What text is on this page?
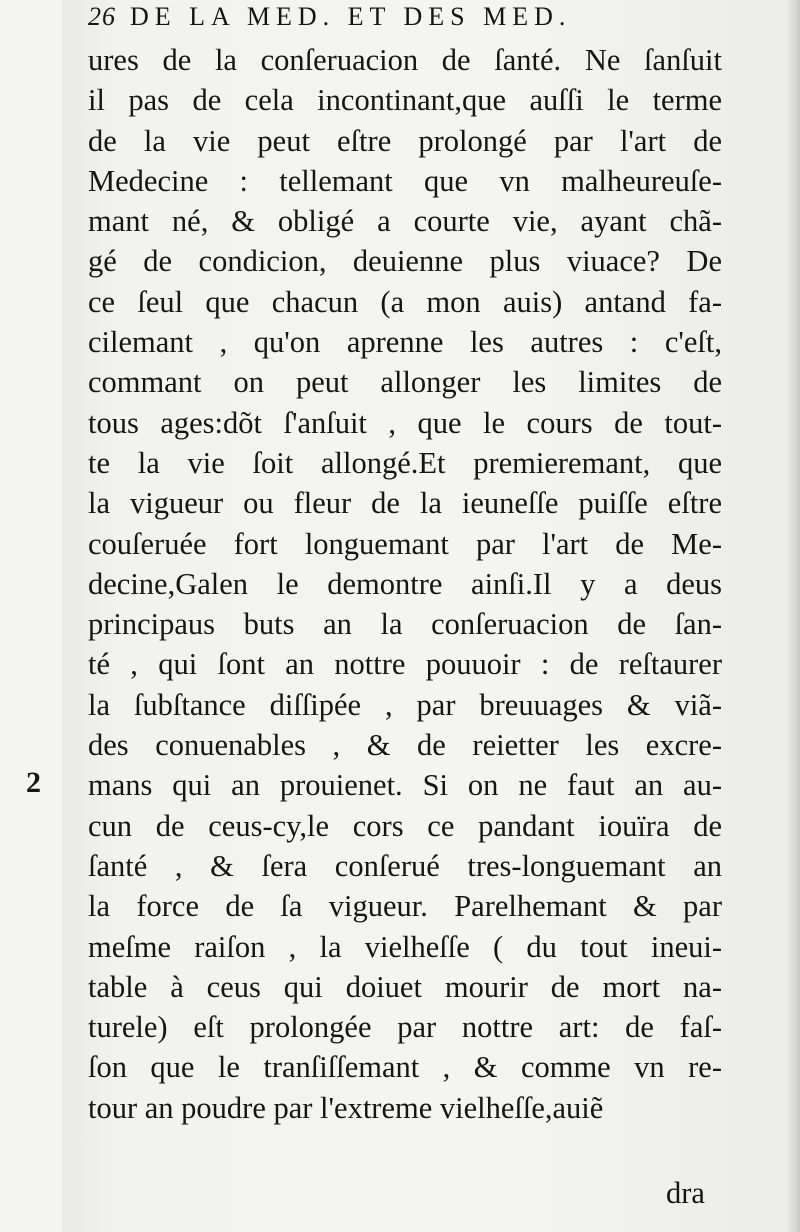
26 DE LA MED. ET DES MED.
ures de la conſeruacion de ſanté. Ne ſanſuit
il pas de cela incontinant,que auſſi le terme
de la vie peut eſtre prolongé par l'art de
Medecine : tellemant que vn malheureuſe-
mant né, & obligé a courte vie, ayant chã-
gé de condicion, deuienne plus viuace? De
ce ſeul que chacun (a mon auis) antand fa-
cilemant , qu'on aprenne les autres : c'eſt,
commant on peut allonger les limites de
tous ages:dõt ſ'anſuit , que le cours de tout-
te la vie ſoit allongé.Et premieremant, que
la vigueur ou fleur de la ieuneſſe puiſſe eſtre
couſeruée fort longuemant par l'art de Me-
decine,Galen le demontre ainſi.Il y a deus
principaus buts an la conſeruacion de ſan-
té , qui ſont an nottre pouuoir : de reſtaurer
la ſubſtance diſſipée , par breuuages & viã-
des conuenables , & de reietter les excre-
mans qui an prouienet. Si on ne faut an au-
cun de ceus-cy,le cors ce pandant iouïra de
ſanté , & ſera conſerué tres-longuemant an
la force de ſa vigueur. Parelhemant & par
meſme raiſon , la vielheſſe ( du tout ineui-
table à ceus qui doiuet mourir de mort na-
turele) eſt prolongée par nottre art: de faſ-
ſon que le tranſiſſemant , & comme vn re-
tour an poudre par l'extreme vielheſſe,auiẽ
2
dra
